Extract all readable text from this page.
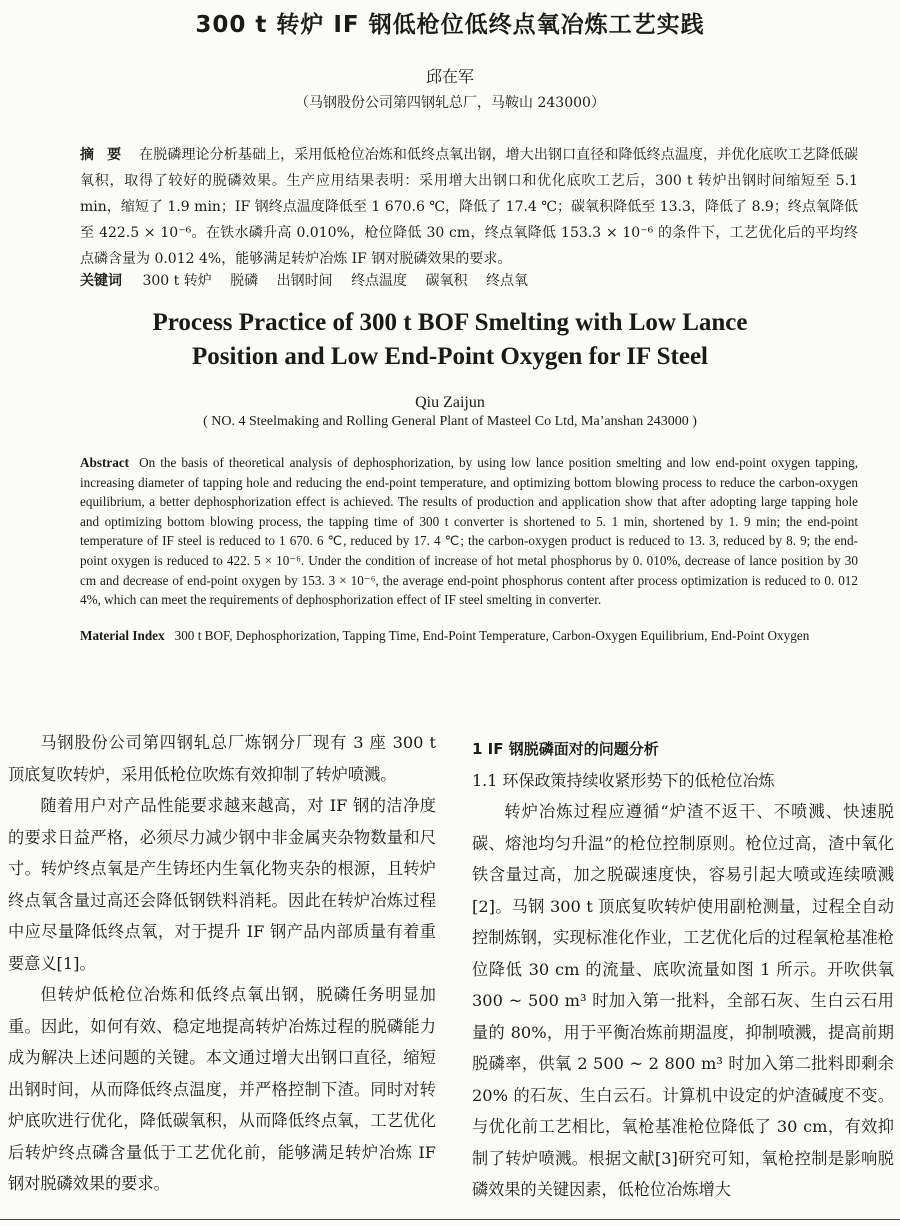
300 t 转炉 IF 钢低枪位低终点氧冶炼工艺实践
邱在军
（马钢股份公司第四钢轧总厂，马鞍山 243000）
摘 要 在脱磷理论分析基础上，采用低枪位冶炼和低终点氧出钢，增大出钢口直径和降低终点温度，并优化底吹工艺降低碳氧积，取得了较好的脱磷效果。生产应用结果表明：采用增大出钢口和优化底吹工艺后，300 t 转炉出钢时间缩短至 5.1 min，缩短了 1.9 min；IF 钢终点温度降低至 1 670.6 ℃，降低了 17.4 ℃；碳氧积降低至 13.3，降低了 8.9；终点氧降低至 422.5 × 10⁻⁶。在铁水磷升高 0.010%，枪位降低 30 cm，终点氧降低 153.3 × 10⁻⁶ 的条件下，工艺优化后的平均终点磷含量为 0.012 4%，能够满足转炉冶炼 IF 钢对脱磷效果的要求。
关键词 300 t 转炉 脱磷 出钢时间 终点温度 碳氧积 终点氧
Process Practice of 300 t BOF Smelting with Low Lance
Position and Low End-Point Oxygen for IF Steel
Qiu Zaijun
( NO. 4 Steelmaking and Rolling General Plant of Masteel Co Ltd, Ma’anshan 243000 )
Abstract On the basis of theoretical analysis of dephosphorization, by using low lance position smelting and low end-point oxygen tapping, increasing diameter of tapping hole and reducing the end-point temperature, and optimizing bottom blowing process to reduce the carbon-oxygen equilibrium, a better dephosphorization effect is achieved. The results of production and application show that after adopting large tapping hole and optimizing bottom blowing process, the tapping time of 300 t converter is shortened to 5. 1 min, shortened by 1. 9 min; the end-point temperature of IF steel is reduced to 1 670. 6 ℃, reduced by 17. 4 ℃; the carbon-oxygen product is reduced to 13. 3, reduced by 8. 9; the end-point oxygen is reduced to 422. 5 × 10⁻⁶. Under the condition of increase of hot metal phosphorus by 0. 010%, decrease of lance position by 30 cm and decrease of end-point oxygen by 153. 3 × 10⁻⁶, the average end-point phosphorus content after process optimization is reduced to 0. 012 4%, which can meet the requirements of dephosphorization effect of IF steel smelting in converter.
Material Index 300 t BOF, Dephosphorization, Tapping Time, End-Point Temperature, Carbon-Oxygen Equilibrium, End-Point Oxygen

马钢股份公司第四钢轧总厂炼钢分厂现有 3 座 300 t 顶底复吹转炉，采用低枪位吹炼有效抑制了转炉喷溅。

随着用户对产品性能要求越来越高，对 IF 钢的洁净度的要求日益严格，必须尽力减少钢中非金属夹杂物数量和尺寸。转炉终点氧是产生铸坯内生氧化物夹杂的根源，且转炉终点氧含量过高还会降低钢铁料消耗。因此在转炉冶炼过程中应尽量降低终点氧，对于提升 IF 钢产品内部质量有着重要意义[1]。

但转炉低枪位冶炼和低终点氧出钢，脱磷任务明显加重。因此，如何有效、稳定地提高转炉冶炼过程的脱磷能力成为解决上述问题的关键。本文通过增大出钢口直径，缩短出钢时间，从而降低终点温度，并严格控制下渣。同时对转炉底吹进行优化，降低碳氧积，从而降低终点氧，工艺优化后转炉终点磷含量低于工艺优化前，能够满足转炉冶炼 IF 钢对脱磷效果的要求。

1 IF 钢脱磷面对的问题分析

1.1 环保政策持续收紧形势下的低枪位冶炼

转炉冶炼过程应遵循“炉渣不返干、不喷溅、快速脱碳、熔池均匀升温”的枪位控制原则。枪位过高，渣中氧化铁含量过高，加之脱碳速度快，容易引起大喷或连续喷溅[2]。马钢 300 t 顶底复吹转炉使用副枪测量，过程全自动控制炼钢，实现标准化作业，工艺优化后的过程氧枪基准枪位降低 30 cm 的流量、底吹流量如图 1 所示。开吹供氧 300 ~ 500 m³ 时加入第一批料，全部石灰、生白云石用量的 80%，用于平衡冶炼前期温度，抑制喷溅，提高前期脱磷率，供氧 2 500 ~ 2 800 m³ 时加入第二批料即剩余 20% 的石灰、生白云石。计算机中设定的炉渣碱度不变。与优化前工艺相比，氧枪基准枪位降低了 30 cm，有效抑制了转炉喷溅。根据文献[3]研究可知，氧枪控制是影响脱磷效果的关键因素，低枪位冶炼增大
